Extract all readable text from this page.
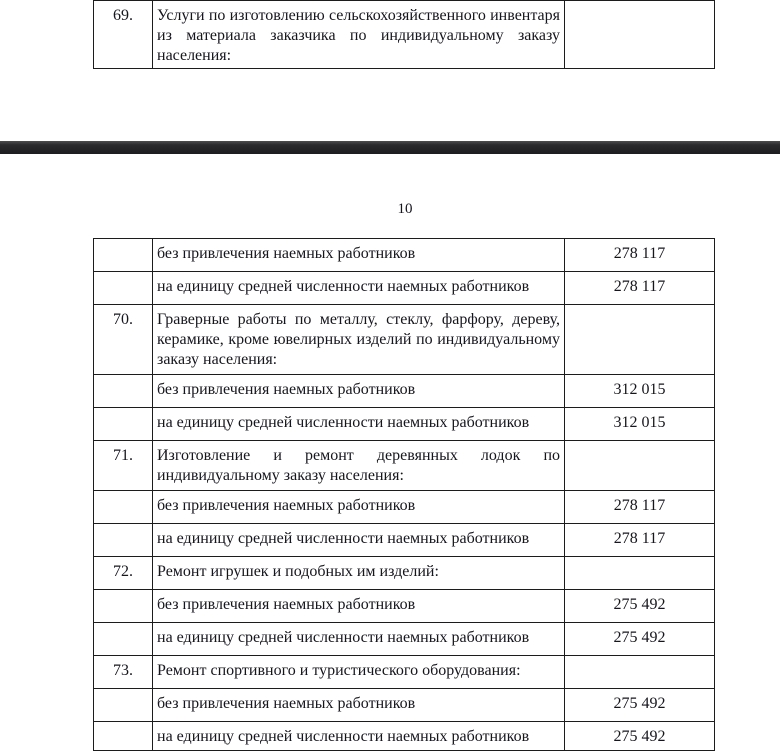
69.	Услуги по изготовлению сельскохозяйственного инвентаря из материала заказчика по индивидуальному заказу населения:	
10
	без привлечения наемных работников	278 117
	на единицу средней численности наемных работников	278 117
70.	Граверные работы по металлу, стеклу, фарфору, дереву, керамике, кроме ювелирных изделий по индивидуальному заказу населения:	
	без привлечения наемных работников	312 015
	на единицу средней численности наемных работников	312 015
71.	Изготовление и ремонт деревянных лодок по индивидуальному заказу населения:	
	без привлечения наемных работников	278 117
	на единицу средней численности наемных работников	278 117
72.	Ремонт игрушек и подобных им изделий:	
	без привлечения наемных работников	275 492
	на единицу средней численности наемных работников	275 492
73.	Ремонт спортивного и туристического оборудования:	
	без привлечения наемных работников	275 492
	на единицу средней численности наемных работников	275 492
